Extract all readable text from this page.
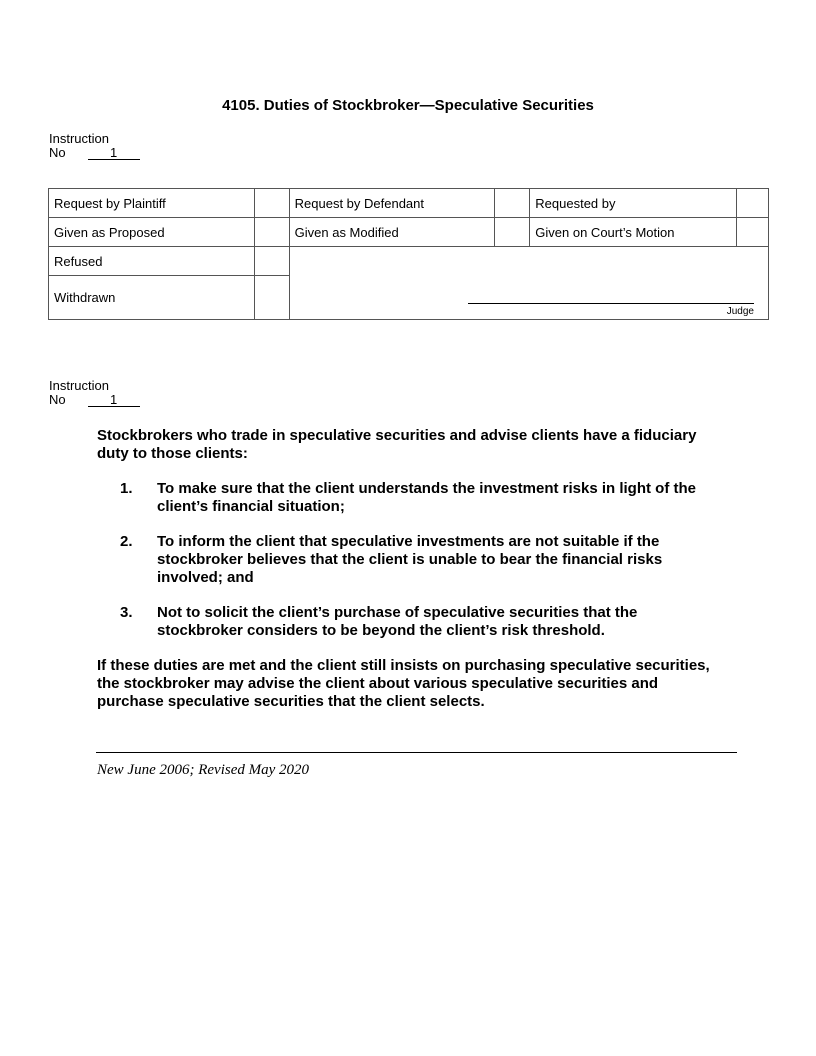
4105. Duties of Stockbroker—Speculative Securities
Instruction
No	1
Request by Plaintiff		Request by Defendant		Requested by	
Given as Proposed		Given as Modified		Given on Court’s Motion	
Refused		Judge			

Withdrawn					
Instruction
No	1

Stockbrokers who trade in speculative securities and advise clients have a fiduciary duty to those clients:

1.	To make sure that the client understands the investment risks in light of the client’s financial situation;
2.	To inform the client that speculative investments are not suitable if the stockbroker believes that the client is unable to bear the financial risks involved; and
3.	Not to solicit the client’s purchase of speculative securities that the stockbroker considers to be beyond the client’s risk threshold.

If these duties are met and the client still insists on purchasing speculative securities, the stockbroker may advise the client about various speculative securities and purchase speculative securities that the client selects.

New June 2006; Revised May 2020
